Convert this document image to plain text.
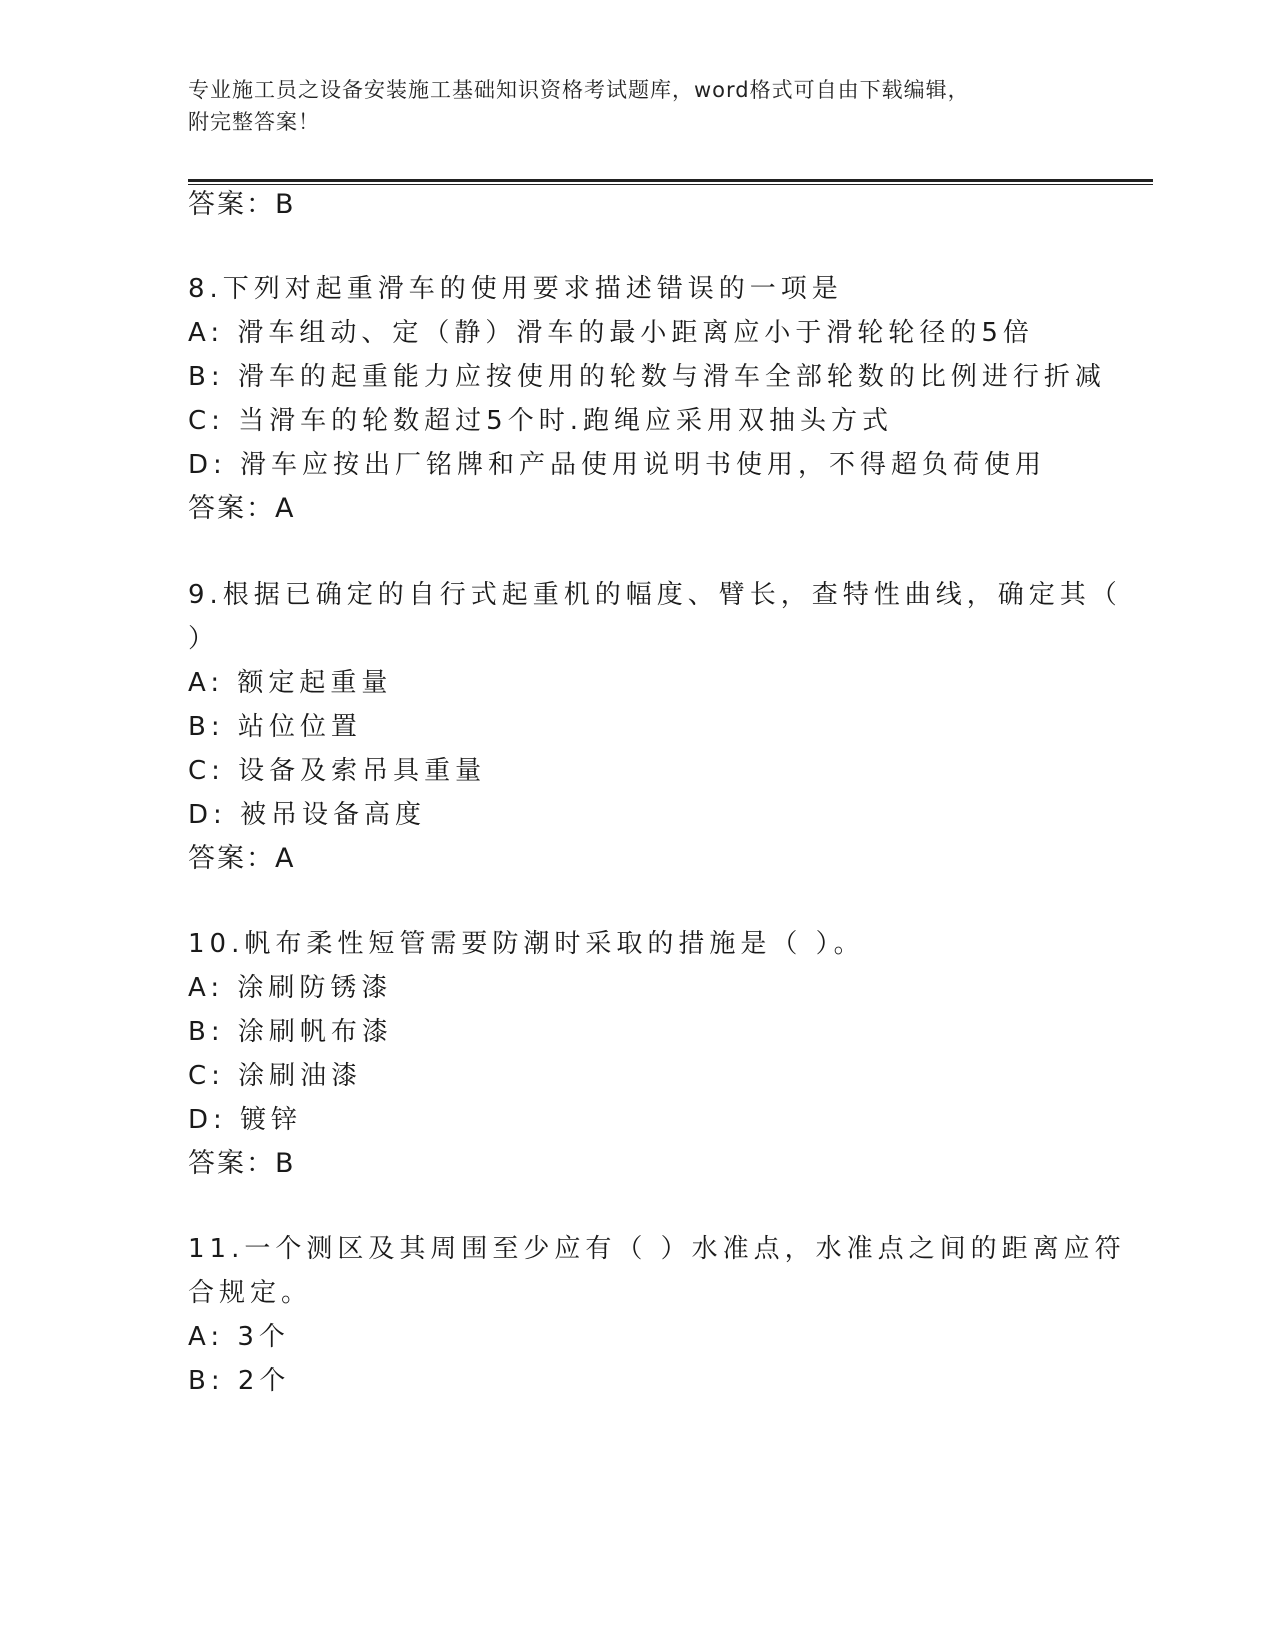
专业施工员之设备安装施工基础知识资格考试题库，word格式可自由下载编辑，
附完整答案！
答案：B
8.下列对起重滑车的使用要求描述错误的一项是
A: 滑车组动、定（静）滑车的最小距离应小于滑轮轮径的5倍
B: 滑车的起重能力应按使用的轮数与滑车全部轮数的比例进行折减
C: 当滑车的轮数超过5个时.跑绳应采用双抽头方式
D: 滑车应按出厂铭牌和产品使用说明书使用，不得超负荷使用
答案：A
9.根据已确定的自行式起重机的幅度、臂长，查特性曲线，确定其（
）
A: 额定起重量
B: 站位位置
C: 设备及索吊具重量
D: 被吊设备高度
答案：A
10.帆布柔性短管需要防潮时采取的措施是（ ）。
A: 涂刷防锈漆
B: 涂刷帆布漆
C: 涂刷油漆
D: 镀锌
答案：B
11.一个测区及其周围至少应有（ ）水准点，水准点之间的距离应符
合规定。
A: 3个
B: 2个
